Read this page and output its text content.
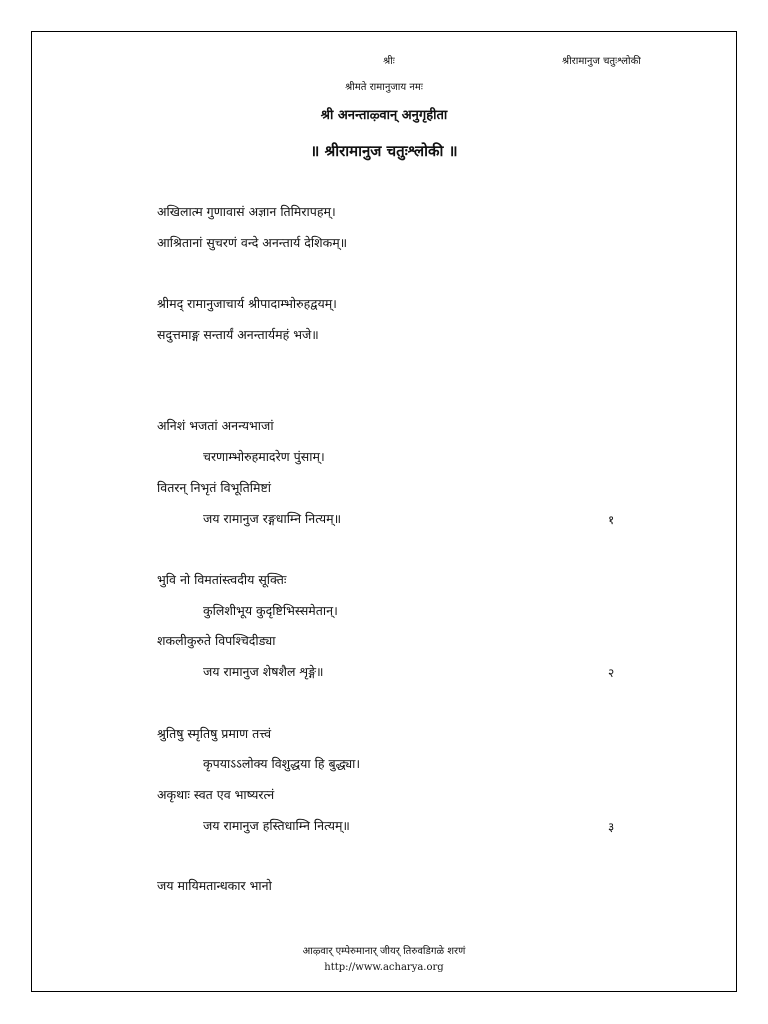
श्रीः	श्रीरामानुज चतुःश्लोकी
श्रीमते रामानुजाय नमः
श्री अनन्ताऴ्वान् अनुगृहीता
॥ श्रीरामानुज चतुःश्लोकी ॥
अखिलात्म गुणावासं अज्ञान तिमिरापहम्।
आश्रितानां सुचरणं वन्दे अनन्तार्य देशिकम्॥
श्रीमद् रामानुजाचार्य श्रीपादाम्भोरुहद्वयम्।
सदुत्तमाङ्ग सन्तार्यं अनन्तार्यमहं भजे॥
अनिशं भजतां अनन्यभाजां
चरणाम्भोरुहमादरेण पुंसाम्।
वितरन् निभृतं विभूतिमिष्टां
जय रामानुज रङ्गधाम्नि नित्यम्॥	१
भुवि नो विमतांस्त्वदीय सूक्तिः
कुलिशीभूय कुदृष्टिभिस्समेतान्।
शकलीकुरुते विपश्चिदीड्या
जय रामानुज शेषशैल शृङ्गे॥	२
श्रुतिषु स्मृतिषु प्रमाण तत्त्वं
कृपयाऽऽलोक्य विशुद्धया हि बुद्ध्या।
अकृथाः स्वत एव भाष्यरत्नं
जय रामानुज हस्तिधाम्नि नित्यम्॥	३
जय मायिमतान्धकार भानो
आऴ्वार् एम्पेरुमानार् जीयर् तिरुवडिगळे शरणं
http://www.acharya.org
